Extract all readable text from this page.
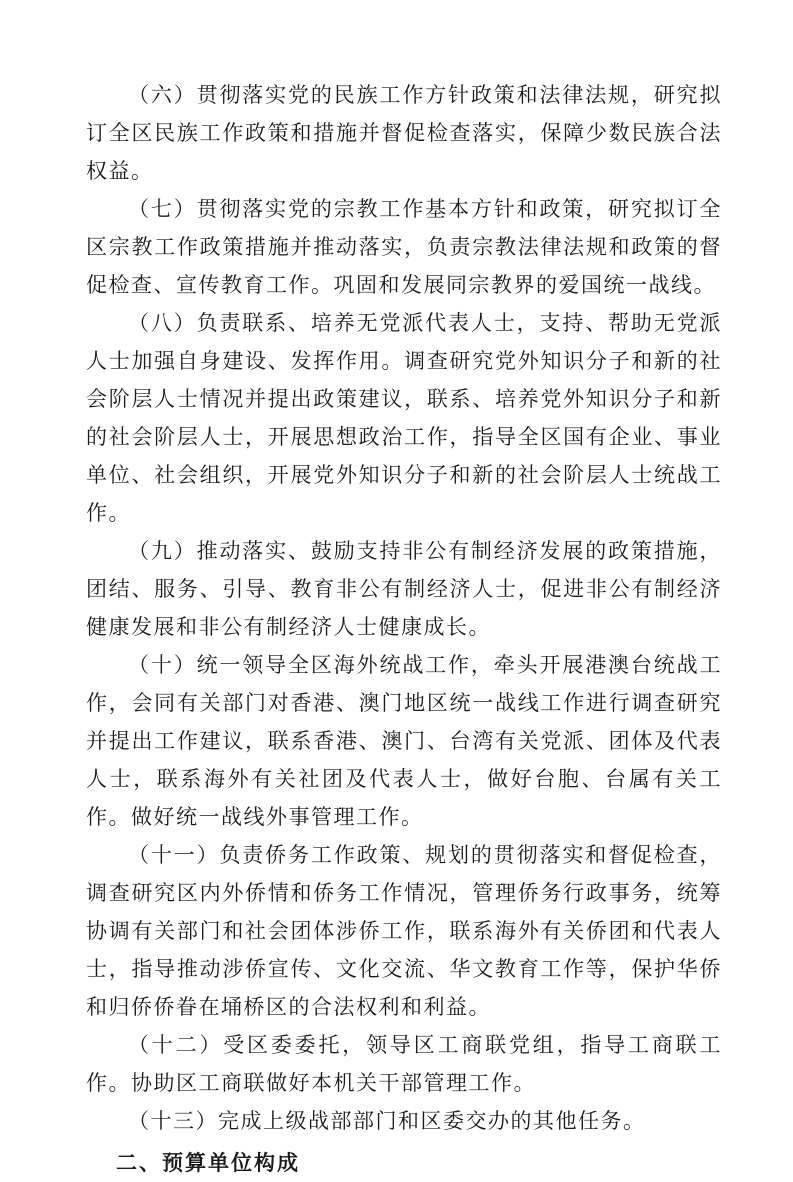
（六）贯彻落实党的民族工作方针政策和法律法规，研究拟订全区民族工作政策和措施并督促检查落实，保障少数民族合法权益。

（七）贯彻落实党的宗教工作基本方针和政策，研究拟订全区宗教工作政策措施并推动落实，负责宗教法律法规和政策的督促检查、宣传教育工作。巩固和发展同宗教界的爱国统一战线。

（八）负责联系、培养无党派代表人士，支持、帮助无党派人士加强自身建设、发挥作用。调查研究党外知识分子和新的社会阶层人士情况并提出政策建议，联系、培养党外知识分子和新的社会阶层人士，开展思想政治工作，指导全区国有企业、事业单位、社会组织，开展党外知识分子和新的社会阶层人士统战工作。

（九）推动落实、鼓励支持非公有制经济发展的政策措施，团结、服务、引导、教育非公有制经济人士，促进非公有制经济健康发展和非公有制经济人士健康成长。

（十）统一领导全区海外统战工作，牵头开展港澳台统战工作，会同有关部门对香港、澳门地区统一战线工作进行调查研究并提出工作建议，联系香港、澳门、台湾有关党派、团体及代表人士，联系海外有关社团及代表人士，做好台胞、台属有关工作。做好统一战线外事管理工作。

（十一）负责侨务工作政策、规划的贯彻落实和督促检查，调查研究区内外侨情和侨务工作情况，管理侨务行政事务，统筹协调有关部门和社会团体涉侨工作，联系海外有关侨团和代表人士，指导推动涉侨宣传、文化交流、华文教育工作等，保护华侨和归侨侨眷在埇桥区的合法权利和利益。

（十二）受区委委托，领导区工商联党组，指导工商联工作。协助区工商联做好本机关干部管理工作。

（十三）完成上级战部部门和区委交办的其他任务。

二、预算单位构成
